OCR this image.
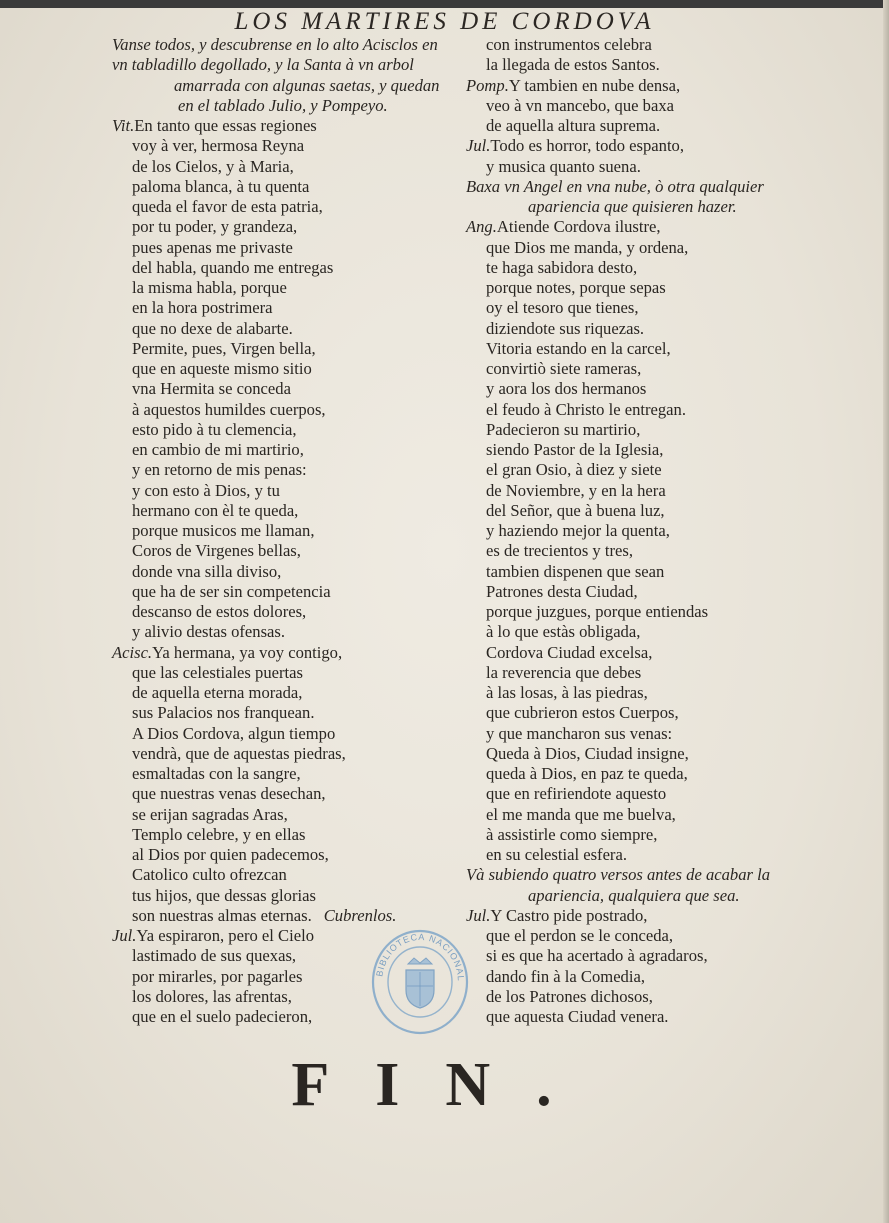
LOS MARTIRES DE CORDOVA
Vanse todos, y descubrense en lo alto Acisclos en
vn tabladillo degollado, y la Santa à vn arbol
amarrada con algunas saetas, y quedan
en el tablado Julio, y Pompeyo.
Vit.En tanto que essas regiones
voy à ver, hermosa Reyna
de los Cielos, y à Maria,
paloma blanca, à tu quenta
queda el favor de esta patria,
por tu poder, y grandeza,
pues apenas me privaste
del habla, quando me entregas
la misma habla, porque
en la hora postrimera
que no dexe de alabarte.
Permite, pues, Virgen bella,
que en aqueste mismo sitio
vna Hermita se conceda
à aquestos humildes cuerpos,
esto pido à tu clemencia,
en cambio de mi martirio,
y en retorno de mis penas:
y con esto à Dios, y tu
hermano con èl te queda,
porque musicos me llaman,
Coros de Virgenes bellas,
donde vna silla diviso,
que ha de ser sin competencia
descanso de estos dolores,
y alivio destas ofensas.
Acisc.Ya hermana, ya voy contigo,
que las celestiales puertas
de aquella eterna morada,
sus Palacios nos franquean.
A Dios Cordova, algun tiempo
vendrà, que de aquestas piedras,
esmaltadas con la sangre,
que nuestras venas desechan,
se erijan sagradas Aras,
Templo celebre, y en ellas
al Dios por quien padecemos,
Catolico culto ofrezcan
tus hijos, que dessas glorias
son nuestras almas eternas. Cubrenlos.
Jul.Ya espiraron, pero el Cielo
lastimado de sus quexas,
por mirarles, por pagarles
los dolores, las afrentas,
que en el suelo padecieron,
con instrumentos celebra
la llegada de estos Santos.
Pomp.Y tambien en nube densa,
veo à vn mancebo, que baxa
de aquella altura suprema.
Jul.Todo es horror, todo espanto,
y musica quanto suena.
Baxa vn Angel en vna nube, ò otra qualquier
apariencia que quisieren hazer.
Ang.Atiende Cordova ilustre,
que Dios me manda, y ordena,
te haga sabidora desto,
porque notes, porque sepas
oy el tesoro que tienes,
diziendote sus riquezas.
Vitoria estando en la carcel,
convirtiò siete rameras,
y aora los dos hermanos
el feudo à Christo le entregan.
Padecieron su martirio,
siendo Pastor de la Iglesia,
el gran Osio, à diez y siete
de Noviembre, y en la hera
del Señor, que à buena luz,
y haziendo mejor la quenta,
es de trecientos y tres,
tambien dispenen que sean
Patrones desta Ciudad,
porque juzgues, porque entiendas
à lo que estàs obligada,
Cordova Ciudad excelsa,
la reverencia que debes
à las losas, à las piedras,
que cubrieron estos Cuerpos,
y que mancharon sus venas:
Queda à Dios, Ciudad insigne,
queda à Dios, en paz te queda,
que en refiriendote aquesto
el me manda que me buelva,
à assistirle como siempre,
en su celestial esfera.
Và subiendo quatro versos antes de acabar la
apariencia, qualquiera que sea.
Jul.Y Castro pide postrado,
que el perdon se le conceda,
si es que ha acertado à agradaros,
dando fin à la Comedia,
de los Patrones dichosos,
que aquesta Ciudad venera.
BIBLIOTECA NACIONAL
FIN.
